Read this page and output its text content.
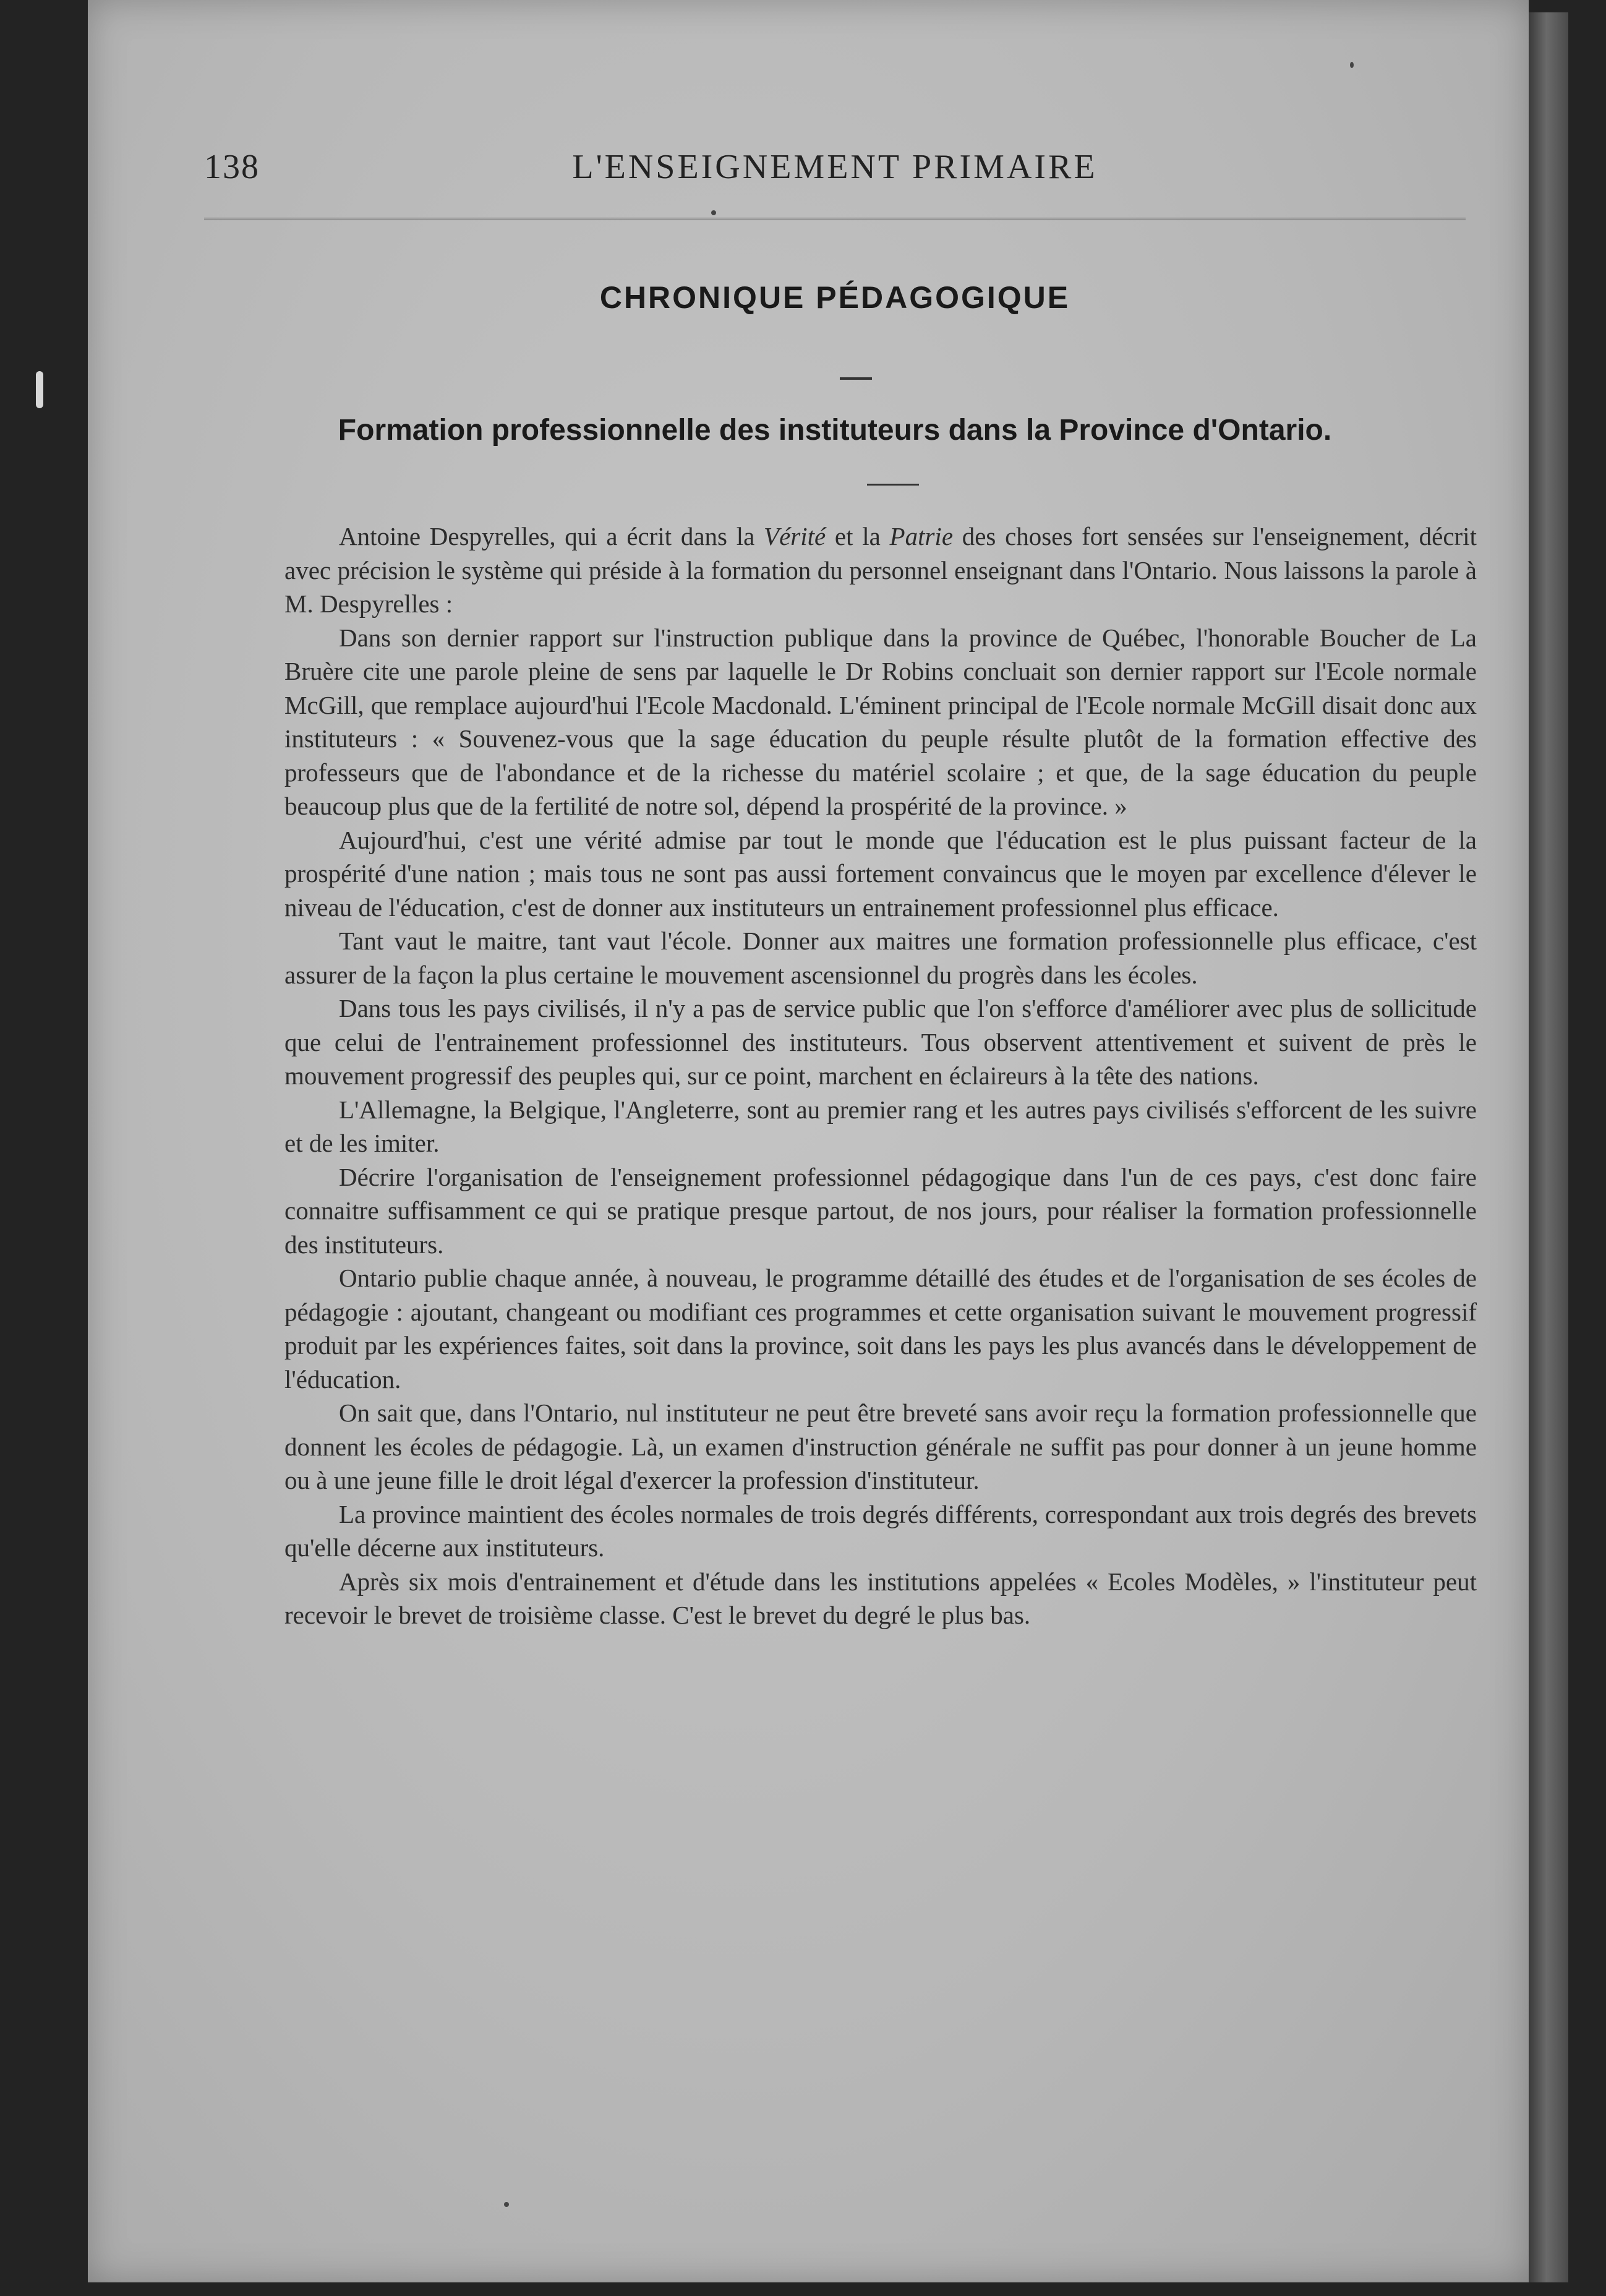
138	L'ENSEIGNEMENT PRIMAIRE
CHRONIQUE PÉDAGOGIQUE
Formation professionnelle des instituteurs dans la Province d'Ontario.

Antoine Despyrelles, qui a écrit dans la Vérité et la Patrie des choses fort sensées sur l'enseignement, décrit avec précision le système qui préside à la formation du personnel enseignant dans l'Ontario. Nous laissons la parole à M. Despyrelles :

Dans son dernier rapport sur l'instruction publique dans la province de Québec, l'honorable Boucher de La Bruère cite une parole pleine de sens par laquelle le Dr Robins concluait son dernier rapport sur l'Ecole normale McGill, que remplace aujourd'hui l'Ecole Macdonald. L'éminent principal de l'Ecole normale McGill disait donc aux instituteurs : « Souvenez-vous que la sage éducation du peuple résulte plutôt de la formation effective des professeurs que de l'abondance et de la richesse du matériel scolaire ; et que, de la sage éducation du peuple beaucoup plus que de la fertilité de notre sol, dépend la prospérité de la province. »

Aujourd'hui, c'est une vérité admise par tout le monde que l'éducation est le plus puissant facteur de la prospérité d'une nation ; mais tous ne sont pas aussi fortement convaincus que le moyen par excellence d'élever le niveau de l'éducation, c'est de donner aux instituteurs un entrainement professionnel plus efficace.

Tant vaut le maitre, tant vaut l'école. Donner aux maitres une formation professionnelle plus efficace, c'est assurer de la façon la plus certaine le mouvement ascensionnel du progrès dans les écoles.

Dans tous les pays civilisés, il n'y a pas de service public que l'on s'efforce d'améliorer avec plus de sollicitude que celui de l'entrainement professionnel des instituteurs. Tous observent attentivement et suivent de près le mouvement progressif des peuples qui, sur ce point, marchent en éclaireurs à la tête des nations.

L'Allemagne, la Belgique, l'Angleterre, sont au premier rang et les autres pays civilisés s'efforcent de les suivre et de les imiter.

Décrire l'organisation de l'enseignement professionnel pédagogique dans l'un de ces pays, c'est donc faire connaitre suffisamment ce qui se pratique presque partout, de nos jours, pour réaliser la formation professionnelle des instituteurs.

Ontario publie chaque année, à nouveau, le programme détaillé des études et de l'organisation de ses écoles de pédagogie : ajoutant, changeant ou modifiant ces programmes et cette organisation suivant le mouvement progressif produit par les expériences faites, soit dans la province, soit dans les pays les plus avancés dans le développement de l'éducation.

On sait que, dans l'Ontario, nul instituteur ne peut être breveté sans avoir reçu la formation professionnelle que donnent les écoles de pédagogie. Là, un examen d'instruction générale ne suffit pas pour donner à un jeune homme ou à une jeune fille le droit légal d'exercer la profession d'instituteur.

La province maintient des écoles normales de trois degrés différents, correspondant aux trois degrés des brevets qu'elle décerne aux instituteurs.

Après six mois d'entrainement et d'étude dans les institutions appelées « Ecoles Modèles, » l'instituteur peut recevoir le brevet de troisième classe. C'est le brevet du degré le plus bas.
